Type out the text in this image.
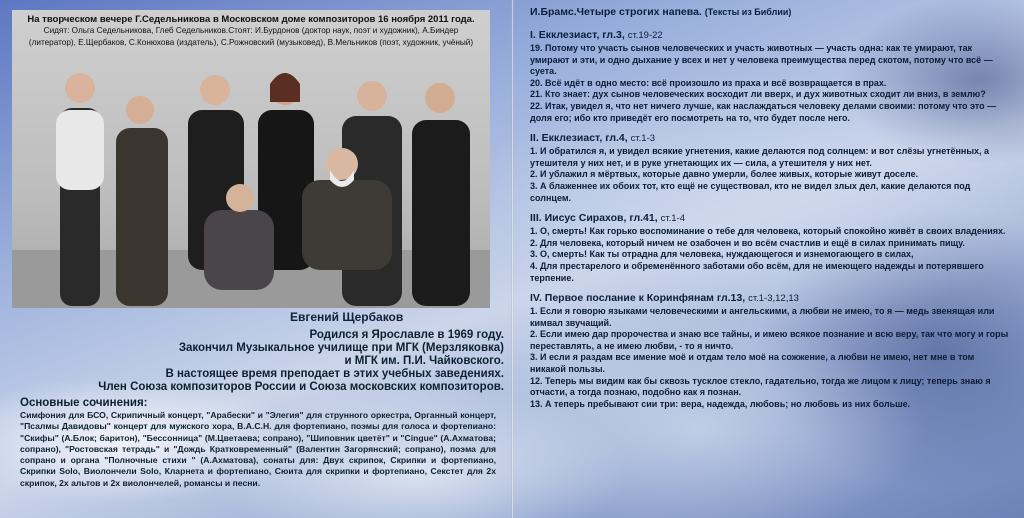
На творческом вечере Г.Седельникова в Московском доме композиторов 16 ноября 2011 года.
Сидят: Ольга Седельникова, Глеб Седельников.Стоят: И.Бурдонов (доктор наук, поэт и художник), А.Биндер
(литератор), Е.Щербаков, С.Конюхова (издатель), С.Рожновский (музыковед), В.Мельников (поэт, художник, учёный)
Евгений Щербаков
Родился я Ярославле в 1969 году.
Закончил Музыкальное училище при МГК (Мерзляковка)
и МГК им. П.И. Чайковского.
В настоящее время преподает в этих учебных заведениях.
Член Союза композиторов России и Союза московских композиторов.
Основные сочинения:
Симфония для БСО, Скрипичный концерт, "Арабески" и "Элегия" для струнного оркестра, Органный концерт, "Псалмы Давидовы" концерт для мужского хора, B.A.C.H. для фортепиано, поэмы для голоса и фортепиано: "Скифы" (А.Блок; баритон), "Бессонница" (М.Цветаева; сопрано), "Шиповник цветёт" и "Cingue" (А.Ахматова; сопрано), "Ростовская тетрадь" и "Дождь Кратковременный" (Валентин Загорянский; сопрано), поэма для сопрано и органа "Полночные стихи " (А.Ахматова), сонаты для: Двух скрипок, Скрипки и фортепиано, Скрипки Solo, Виолончели Solo, Кларнета и фортепиано, Сюита для скрипки и фортепиано, Секстет для 2х скрипок, 2х альтов и 2х виолончелей, романсы и песни.
И.Брамс.Четыре строгих напева. (Тексты из Библии)
I. Екклезиаст, гл.3, ст.19-22
19. Потому что участь сынов человеческих и участь животных — участь одна: как те умирают, так умирают и эти, и одно дыхание у всех и нет у человека преимущества перед скотом, потому что всё — суета.
20. Всё идёт в одно место: всё произошло из праха и всё возвращается в прах.
21. Кто знает: дух сынов человеческих восходит ли вверх, и дух животных сходит ли вниз, в землю?
22. Итак, увидел я, что нет ничего лучше, как наслаждаться человеку делами своими: потому что это — доля его; ибо кто приведёт его посмотреть на то, что будет после него.
II. Екклезиаст, гл.4, ст.1-3
1. И обратился я, и увидел всякие угнетения, какие делаются под солнцем: и вот слёзы угнетённых, а утешителя у них нет, и в руке угнетающих их — сила, а утешителя у них нет.
2. И ублажил я мёртвых, которые давно умерли, более живых, которые живут доселе.
3. А блаженнее их обоих тот, кто ещё не существовал, кто не видел злых дел, какие делаются под солнцем.
III. Иисус Сирахов, гл.41, ст.1-4
1. О, смерть! Как горько воспоминание о тебе для человека, который спокойно живёт в своих владениях.
2. Для человека, который ничем не озабочен и во всём счастлив и ещё в силах принимать пищу.
3. О, смерть! Как ты отрадна для человека, нуждающегося и изнемогающего в силах,
4. Для престарелого и обременённого заботами обо всём, для не имеющего надежды и потерявшего терпение.
IV. Первое послание к Коринфянам гл.13, ст.1-3,12,13
1. Если я говорю языками человеческими и ангельскими, а любви не имею, то я — медь звенящая или кимвал звучащий.
2. Если имею дар пророчества и знаю все тайны, и имею всякое познание и всю веру, так что могу и горы переставлять, а не имею любви, - то я ничто.
3. И если я раздам все имение моё и отдам тело моё на сожжение, а любви не имею, нет мне в том никакой пользы.
12. Теперь мы видим как бы сквозь тусклое стекло, гадательно, тогда же лицом к лицу; теперь знаю я отчасти, а тогда познаю, подобно как я познан.
13. А теперь пребывают сии три: вера, надежда, любовь; но любовь из них больше.
